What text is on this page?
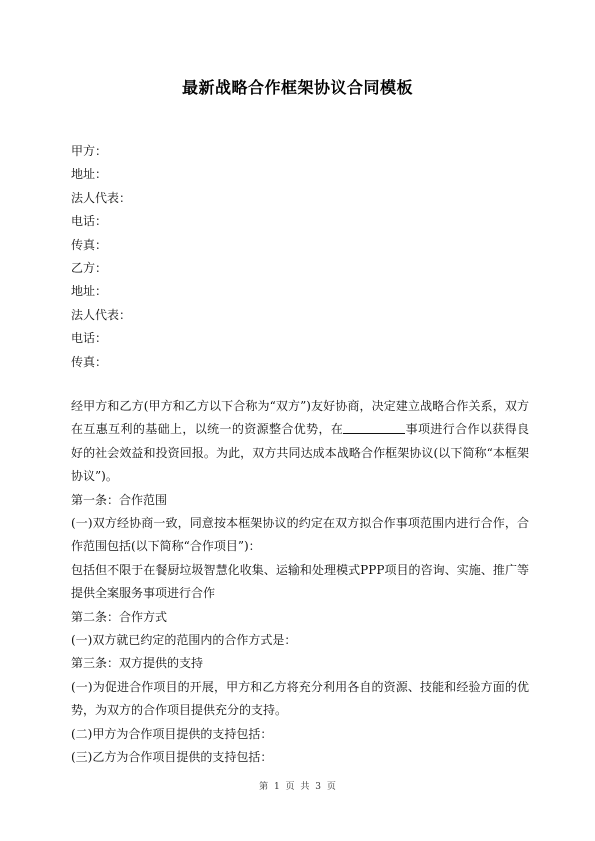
最新战略合作框架协议合同模板
甲方：
地址：
法人代表：
电话：
传真：
乙方：
地址：
法人代表：
电话：
传真：

经甲方和乙方(甲方和乙方以下合称为“双方”)友好协商，决定建立战略合作关系，双方在互惠互利的基础上，以统一的资源整合优势，在	事项进行合作以获得良好的社会效益和投资回报。为此，双方共同达成本战略合作框架协议(以下简称“本框架协议”)。

第一条：合作范围

(一)双方经协商一致，同意按本框架协议的约定在双方拟合作事项范围内进行合作，合作范围包括(以下简称“合作项目”)：

包括但不限于在餐厨垃圾智慧化收集、运输和处理模式PPP项目的咨询、实施、推广等提供全案服务事项进行合作

第二条：合作方式

(一)双方就已约定的范围内的合作方式是：

第三条：双方提供的支持

(一)为促进合作项目的开展，甲方和乙方将充分利用各自的资源、技能和经验方面的优势，为双方的合作项目提供充分的支持。

(二)甲方为合作项目提供的支持包括：

(三)乙方为合作项目提供的支持包括：

第 1 页 共 3 页
